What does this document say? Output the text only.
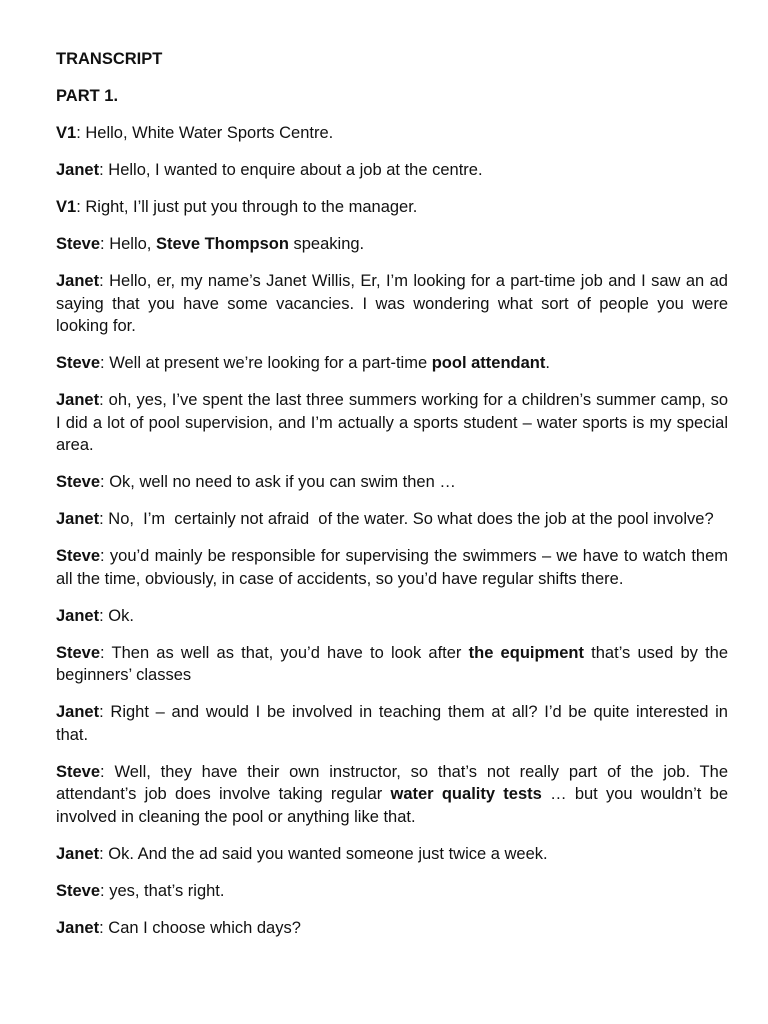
TRANSCRIPT
PART 1.

V1: Hello, White Water Sports Centre.

Janet: Hello, I wanted to enquire about a job at the centre.

V1: Right, I’ll just put you through to the manager.

Steve: Hello, Steve Thompson speaking.

Janet: Hello, er, my name’s Janet Willis, Er, I’m looking for a part-time job and I saw an ad saying that you have some vacancies. I was wondering what sort of people you were looking for.

Steve: Well at present we’re looking for a part-time pool attendant.

Janet: oh, yes, I’ve spent the last three summers working for a children’s summer camp, so I did a lot of pool supervision, and I’m actually a sports student – water sports is my special area.

Steve: Ok, well no need to ask if you can swim then …

Janet: No,  I’m  certainly not afraid  of the water. So what does the job at the pool involve?

Steve: you’d mainly be responsible for supervising the swimmers – we have to watch them all the time, obviously, in case of accidents, so you’d have regular shifts there.

Janet: Ok.

Steve: Then as well as that, you’d have to look after the equipment that’s used by the beginners’ classes

Janet: Right – and would I be involved in teaching them at all? I’d be quite interested in that.

Steve: Well, they have their own instructor, so that’s not really part of the job. The attendant’s job does involve taking regular water quality tests … but you wouldn’t be involved in cleaning the pool or anything like that.

Janet: Ok. And the ad said you wanted someone just twice a week.

Steve: yes, that’s right.

Janet: Can I choose which days?
